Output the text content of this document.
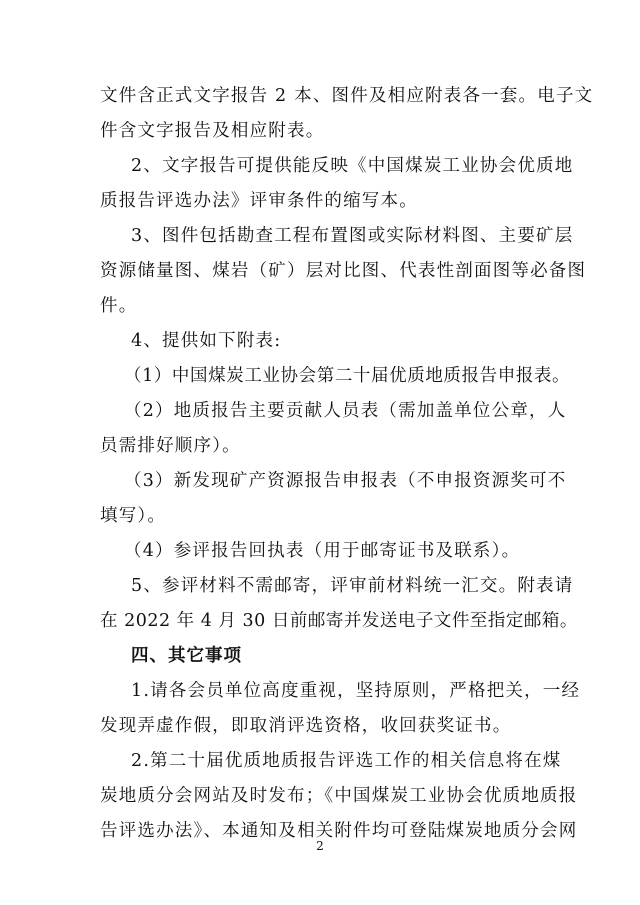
文件含正式文字报告 2 本、图件及相应附表各一套。电子文
件含文字报告及相应附表。
2、文字报告可提供能反映《中国煤炭工业协会优质地
质报告评选办法》评审条件的缩写本。
3、图件包括勘查工程布置图或实际材料图、主要矿层
资源储量图、煤岩（矿）层对比图、代表性剖面图等必备图
件。
4、提供如下附表:
（1）中国煤炭工业协会第二十届优质地质报告申报表。
（2）地质报告主要贡献人员表（需加盖单位公章，人
员需排好顺序）。
（3）新发现矿产资源报告申报表（不申报资源奖可不
填写）。
（4）参评报告回执表（用于邮寄证书及联系）。
5、参评材料不需邮寄，评审前材料统一汇交。附表请
在 2022 年 4 月 30 日前邮寄并发送电子文件至指定邮箱。
四、其它事项
1.请各会员单位高度重视，坚持原则，严格把关，一经
发现弄虚作假，即取消评选资格，收回获奖证书。
2.第二十届优质地质报告评选工作的相关信息将在煤
炭地质分会网站及时发布；《中国煤炭工业协会优质地质报
告评选办法》、本通知及相关附件均可登陆煤炭地质分会网
2
